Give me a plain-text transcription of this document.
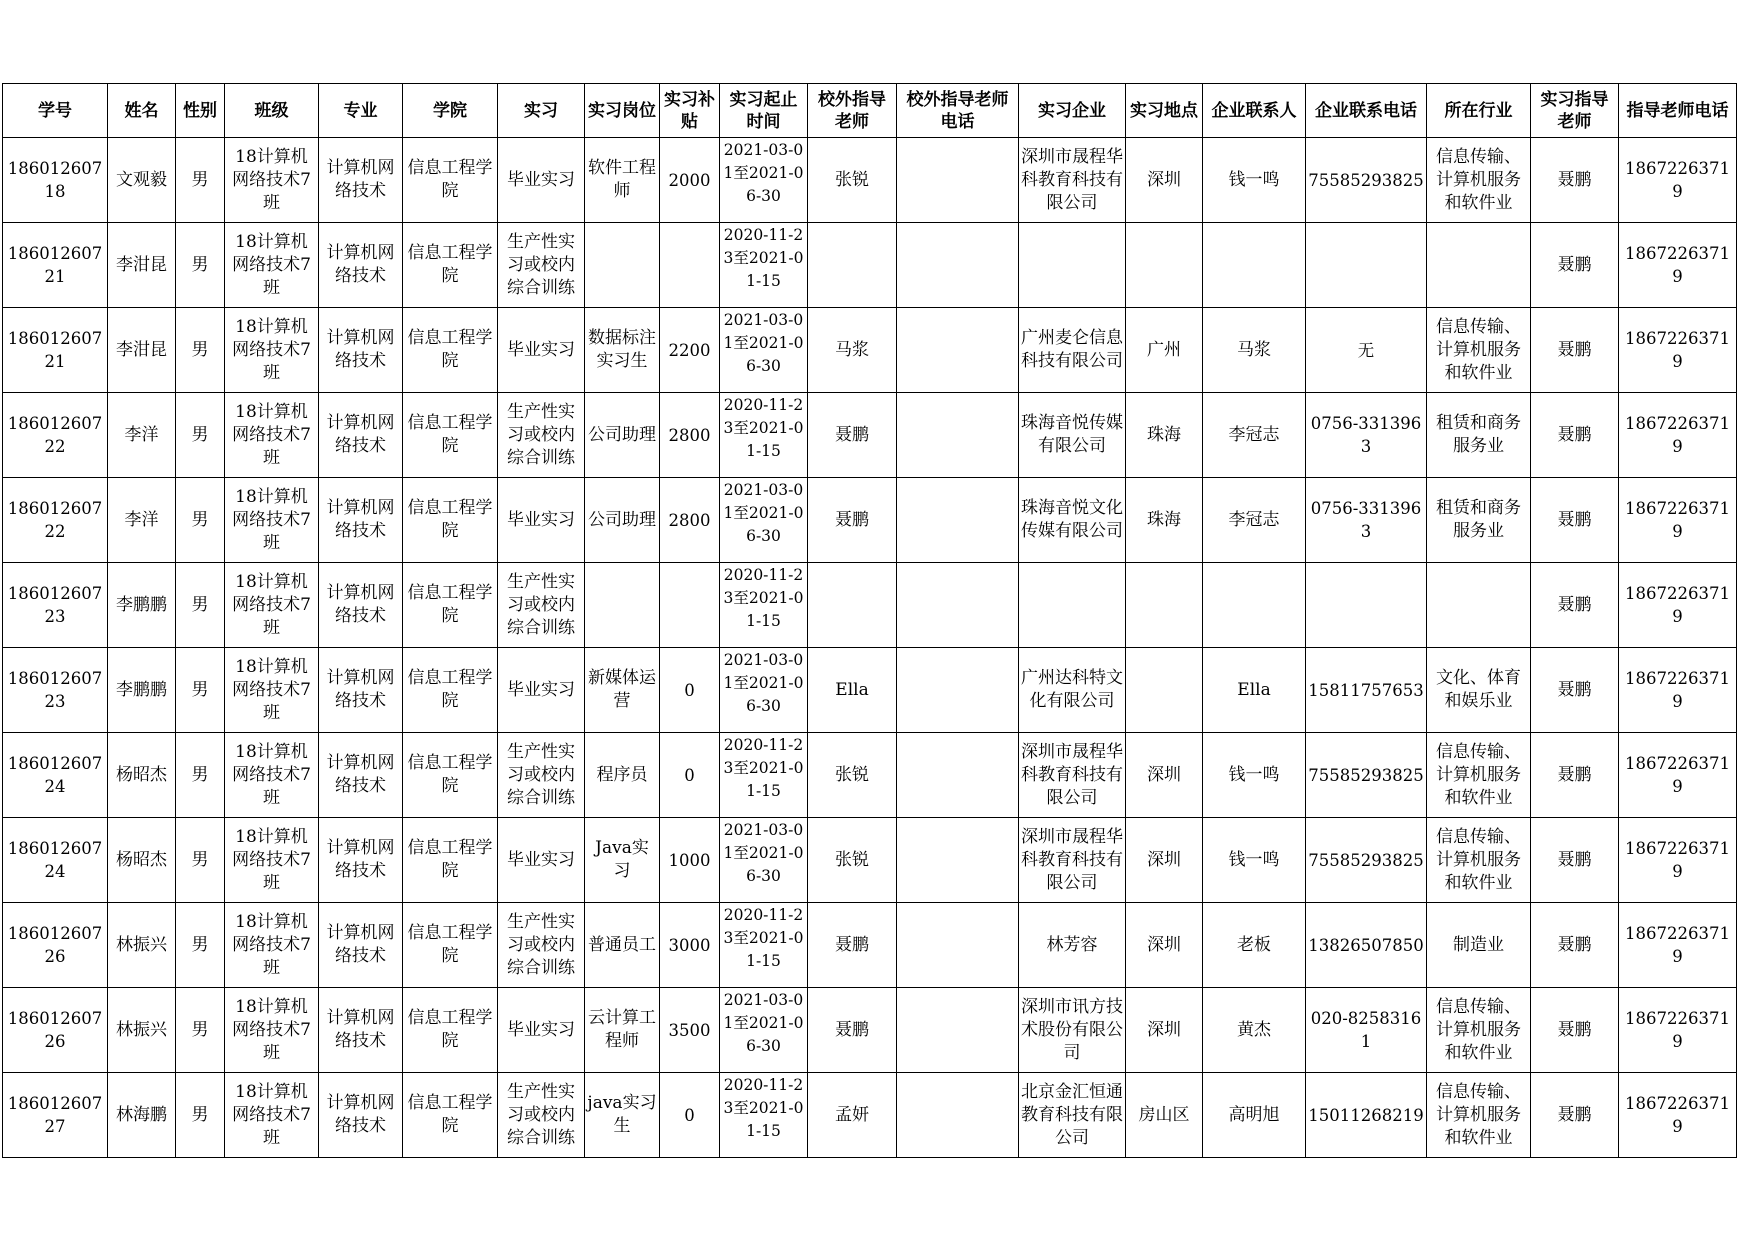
学号	姓名	性别	班级	专业	学院	实习	实习岗位	实习补贴	实习起止时间	校外指导老师	校外指导老师电话	实习企业	实习地点	企业联系人	企业联系电话	所在行业	实习指导老师	指导老师电话
18601260718	文观毅	男	18计算机网络技术7班	计算机网络技术	信息工程学院	毕业实习	软件工程师	2000	2021-03-01至2021-06-30	张锐		深圳市晟程华科教育科技有限公司	深圳	钱一鸣	75585293825	信息传输、计算机服务和软件业	聂鹏	18672263719
18601260721	李泔昆	男	18计算机网络技术7班	计算机网络技术	信息工程学院	生产性实习或校内综合训练			2020-11-23至2021-01-15								聂鹏	18672263719
18601260721	李泔昆	男	18计算机网络技术7班	计算机网络技术	信息工程学院	毕业实习	数据标注实习生	2200	2021-03-01至2021-06-30	马浆		广州麦仑信息科技有限公司	广州	马浆	无	信息传输、计算机服务和软件业	聂鹏	18672263719
18601260722	李洋	男	18计算机网络技术7班	计算机网络技术	信息工程学院	生产性实习或校内综合训练	公司助理	2800	2020-11-23至2021-01-15	聂鹏		珠海音悦传媒有限公司	珠海	李冠志	0756-3313963	租赁和商务服务业	聂鹏	18672263719
18601260722	李洋	男	18计算机网络技术7班	计算机网络技术	信息工程学院	毕业实习	公司助理	2800	2021-03-01至2021-06-30	聂鹏		珠海音悦文化传媒有限公司	珠海	李冠志	0756-3313963	租赁和商务服务业	聂鹏	18672263719
18601260723	李鹏鹏	男	18计算机网络技术7班	计算机网络技术	信息工程学院	生产性实习或校内综合训练			2020-11-23至2021-01-15								聂鹏	18672263719
18601260723	李鹏鹏	男	18计算机网络技术7班	计算机网络技术	信息工程学院	毕业实习	新媒体运营	0	2021-03-01至2021-06-30	Ella		广州达科特文化有限公司		Ella	15811757653	文化、体育和娱乐业	聂鹏	18672263719
18601260724	杨昭杰	男	18计算机网络技术7班	计算机网络技术	信息工程学院	生产性实习或校内综合训练	程序员	0	2020-11-23至2021-01-15	张锐		深圳市晟程华科教育科技有限公司	深圳	钱一鸣	75585293825	信息传输、计算机服务和软件业	聂鹏	18672263719
18601260724	杨昭杰	男	18计算机网络技术7班	计算机网络技术	信息工程学院	毕业实习	Java实习	1000	2021-03-01至2021-06-30	张锐		深圳市晟程华科教育科技有限公司	深圳	钱一鸣	75585293825	信息传输、计算机服务和软件业	聂鹏	18672263719
18601260726	林振兴	男	18计算机网络技术7班	计算机网络技术	信息工程学院	生产性实习或校内综合训练	普通员工	3000	2020-11-23至2021-01-15	聂鹏		林芳容	深圳	老板	13826507850	制造业	聂鹏	18672263719
18601260726	林振兴	男	18计算机网络技术7班	计算机网络技术	信息工程学院	毕业实习	云计算工程师	3500	2021-03-01至2021-06-30	聂鹏		深圳市讯方技术股份有限公司	深圳	黄杰	020-82583161	信息传输、计算机服务和软件业	聂鹏	18672263719
18601260727	林海鹏	男	18计算机网络技术7班	计算机网络技术	信息工程学院	生产性实习或校内综合训练	java实习生	0	2020-11-23至2021-01-15	孟妍		北京金汇恒通教育科技有限公司	房山区	高明旭	15011268219	信息传输、计算机服务和软件业	聂鹏	18672263719
